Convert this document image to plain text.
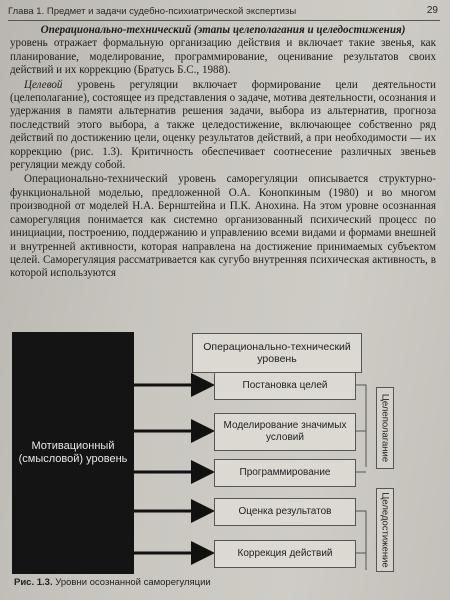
Глава 1. Предмет и задачи судебно-психиатрической экспертизы	29

Операционально-технический (этапы целеполагания и целедостижения)

уровень отражает формальную организацию действия и включает такие звенья, как планирование, моделирование, программирование, оценивание результатов своих действий и их коррекцию (Братусь Б.С., 1988).

Целевой уровень регуляции включает формирование цели деятельности (целеполагание), состоящее из представления о задаче, мотива деятельности, осознания и удержания в памяти альтернатив решения задачи, выбора из альтернатив, прогноза последствий этого выбора, а также целедостижение, включающее собственно ряд действий по достижению цели, оценку результатов действий, а при необходимости — их коррекцию (рис. 1.3). Критичность обеспечивает соотнесение различных звеньев регуляции между собой.

Операционально-технический уровень саморегуляции описывается структурно-функциональной моделью, предложенной О.А. Конопкиным (1980) и во многом производной от моделей Н.А. Бернштейна и П.К. Анохина. На этом уровне осознанная саморегуляция понимается как системно организованный психический процесс по инициации, построению, поддержанию и управлению всеми видами и формами внешней и внутренней активности, которая направлена на достижение принимаемых субъектом целей. Саморегуляция рассматривается как сугубо внутренняя психическая активность, в которой используются

Мотивационный (смысловой) уровень
Операционально-технический уровень
Постановка целей
Моделирование значимых условий
Программирование
Оценка результатов
Коррекция действий
Целеполагание
Целедостижение
Рис. 1.3. Уровни осознанной саморегуляции
